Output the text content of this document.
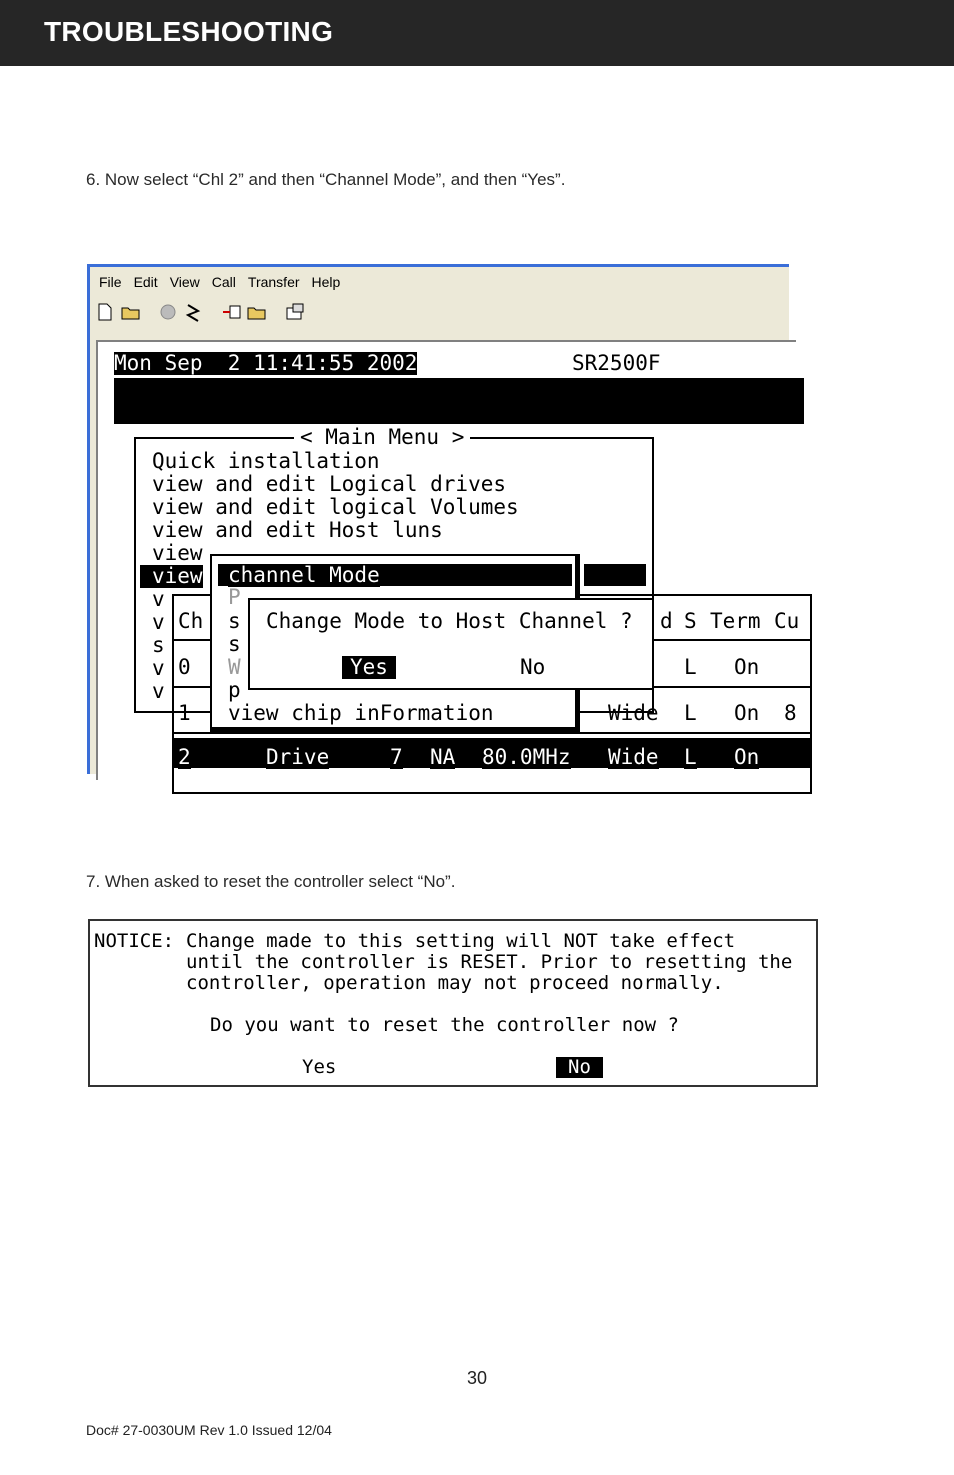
TROUBLESHOOTING
6. Now select “Chl 2” and then “Channel Mode”, and then “Yes”.
File Edit View Call Transfer Help
Mon Sep  2 11:41:55 2002	SR2500F
< Main Menu >
Quick installation
view and edit Logical drives
view and edit logical Volumes
view and edit Host luns
view
view
v
v
s
v
v
Ch	d S Term Cu
0	L On
1	Wide L On 8
2	Drive	7 NA 80.0MHz Wide L On
channel Mode
P
s
s
W
p
view chip inFormation
Change Mode to Host Channel ?
Yes	No
7. When asked to reset the controller select “No”.
NOTICE: Change made to this setting will NOT take effect
until the controller is RESET. Prior to resetting the
controller, operation may not proceed normally.
Do you want to reset the controller now ?
Yes	No
30
Doc# 27-0030UM Rev 1.0 Issued 12/04
